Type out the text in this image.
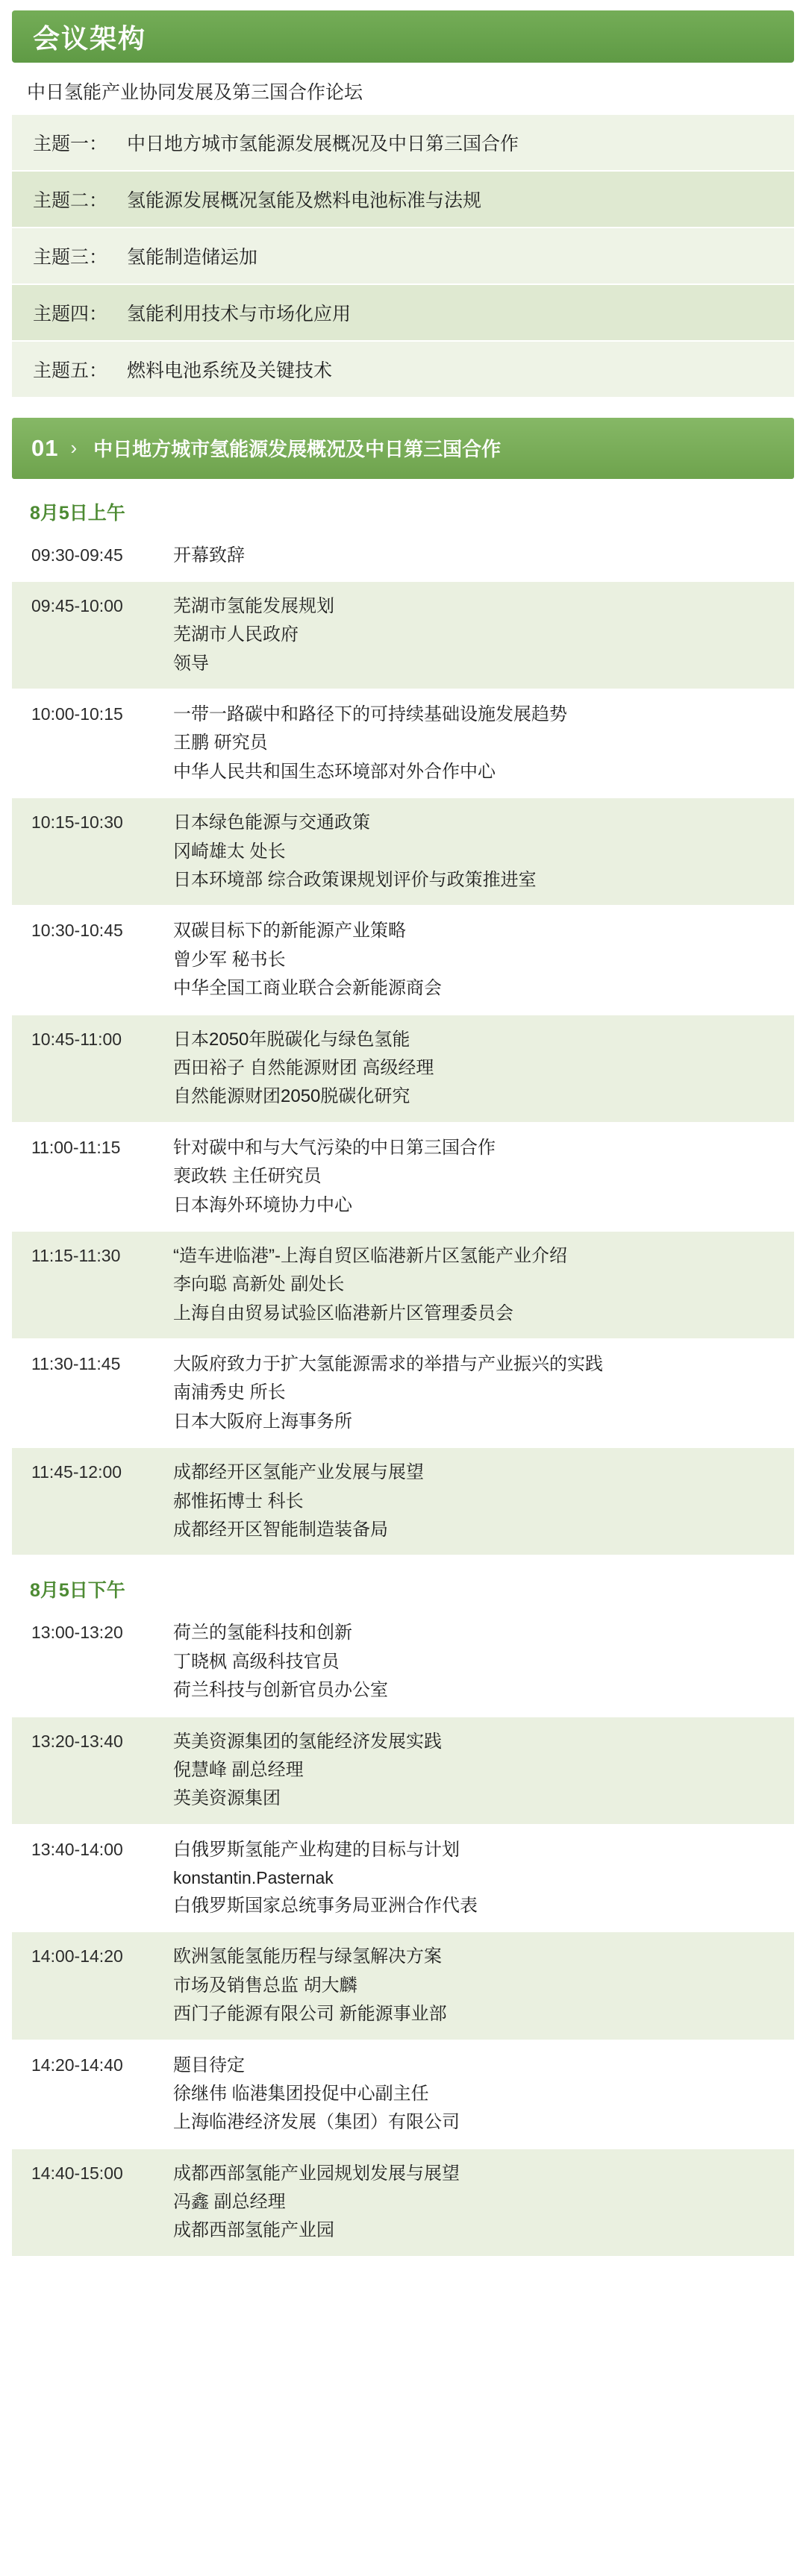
会议架构
中日氢能产业协同发展及第三国合作论坛
主题一： 中日地方城市氢能源发展概况及中日第三国合作
主题二： 氢能源发展概况氢能及燃料电池标准与法规
主题三： 氢能制造储运加
主题四： 氢能利用技术与市场化应用
主题五： 燃料电池系统及关键技术
01 › 中日地方城市氢能源发展概况及中日第三国合作
8月5日上午
09:30-09:45	开幕致辞
09:45-10:00	芜湖市氢能发展规划
芜湖市人民政府
领导
10:00-10:15	一带一路碳中和路径下的可持续基础设施发展趋势
王鹏 研究员
中华人民共和国生态环境部对外合作中心
10:15-10:30	日本绿色能源与交通政策
冈崎雄太 处长
日本环境部 综合政策课规划评价与政策推进室
10:30-10:45	双碳目标下的新能源产业策略
曾少军 秘书长
中华全国工商业联合会新能源商会
10:45-11:00	日本2050年脱碳化与绿色氢能
西田裕子 自然能源财团 高级经理
自然能源财团2050脱碳化研究
11:00-11:15	针对碳中和与大气污染的中日第三国合作
裵政轶 主任研究员
日本海外环境协力中心
11:15-11:30	“造车进临港”-上海自贸区临港新片区氢能产业介绍
李向聪 高新处 副处长
上海自由贸易试验区临港新片区管理委员会
11:30-11:45	大阪府致力于扩大氢能源需求的举措与产业振兴的实践
南浦秀史 所长
日本大阪府上海事务所
11:45-12:00	成都经开区氢能产业发展与展望
郝惟拓博士 科长
成都经开区智能制造装备局
8月5日下午
13:00-13:20	荷兰的氢能科技和创新
丁晓枫 高级科技官员
荷兰科技与创新官员办公室
13:20-13:40	英美资源集团的氢能经济发展实践
倪慧峰 副总经理
英美资源集团
13:40-14:00	白俄罗斯氢能产业构建的目标与计划
konstantin.Pasternak
白俄罗斯国家总统事务局亚洲合作代表
14:00-14:20	欧洲氢能氢能历程与绿氢解决方案
市场及销售总监 胡大麟
西门子能源有限公司 新能源事业部
14:20-14:40	题目待定
徐继伟 临港集团投促中心副主任
上海临港经济发展（集团）有限公司
14:40-15:00	成都西部氢能产业园规划发展与展望
冯鑫 副总经理
成都西部氢能产业园
